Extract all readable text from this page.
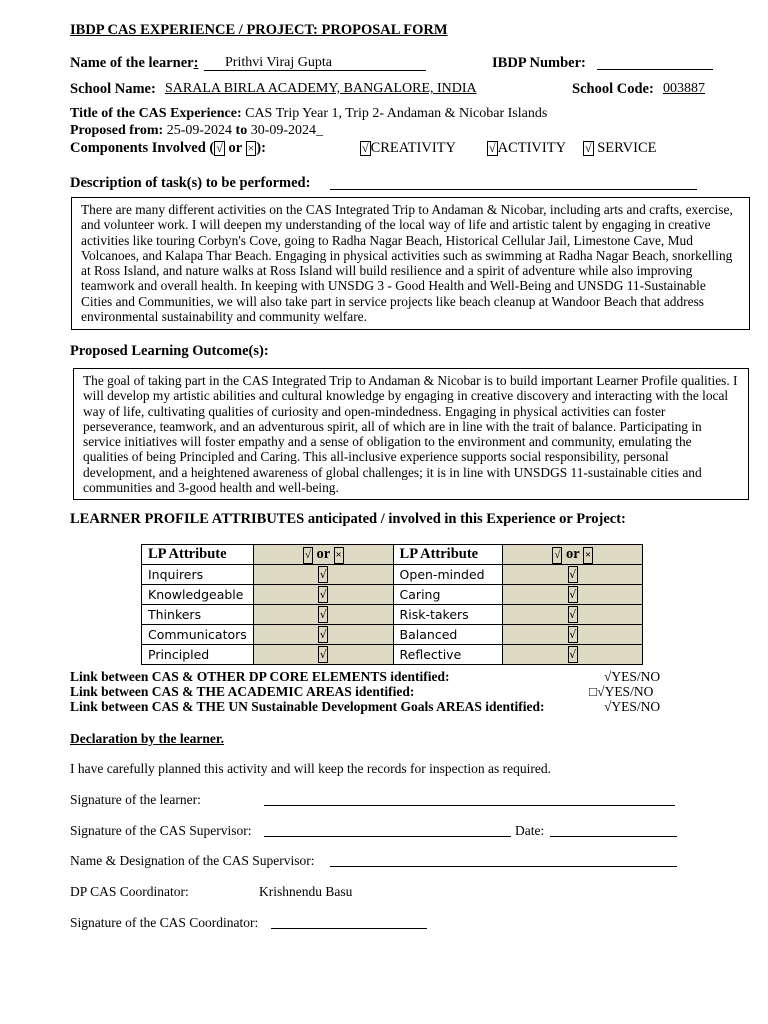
IBDP CAS EXPERIENCE / PROJECT: PROPOSAL FORM
Name of the learner:	Prithvi Viraj Gupta	IBDP Number:
School Name: SARALA BIRLA ACADEMY, BANGALORE, INDIA	School Code: 003887
Title of the CAS Experience: CAS Trip Year 1, Trip 2- Andaman & Nicobar Islands
Proposed from: 25-09-2024 to 30-09-2024_
Components Involved ( √ or × ):	√ CREATIVITY	√ ACTIVITY √ SERVICE
Description of task(s) to be performed:

There are many different activities on the CAS Integrated Trip to Andaman & Nicobar, including arts and crafts, exercise, and volunteer work. I will deepen my understanding of the local way of life and artistic talent by engaging in creative activities like touring Corbyn's Cove, going to Radha Nagar Beach, Historical Cellular Jail, Limestone Cave, Mud Volcanoes, and Kalapa Thar Beach. Engaging in physical activities such as swimming at Radha Nagar Beach, snorkelling at Ross Island, and nature walks at Ross Island will build resilience and a spirit of adventure while also improving teamwork and overall health. In keeping with UNSDG 3 - Good Health and Well-Being and UNSDG 11-Sustainable Cities and Communities, we will also take part in service projects like beach cleanup at Wandoor Beach that address environmental sustainability and community welfare.

Proposed Learning Outcome(s):

The goal of taking part in the CAS Integrated Trip to Andaman & Nicobar is to build important Learner Profile qualities. I will develop my artistic abilities and cultural knowledge by engaging in creative discovery and interacting with the local way of life, cultivating qualities of curiosity and open-mindedness. Engaging in physical activities can foster perseverance, teamwork, and an adventurous spirit, all of which are in line with the trait of balance. Participating in service initiatives will foster empathy and a sense of obligation to the environment and community, emulating the qualities of being Principled and Caring. This all-inclusive experience supports social responsibility, personal development, and a heightened awareness of global challenges; it is in line with UNSDGS 11-sustainable cities and communities and 3-good health and well-being.

LEARNER PROFILE ATTRIBUTES anticipated / involved in this Experience or Project:
LP Attribute	√ or ×	LP Attribute	√ or ×
Inquirers	√	Open-minded	√
Knowledgeable	√	Caring	√
Thinkers	√	Risk-takers	√
Communicators	√	Balanced	√
Principled	√	Reflective	√
Link between CAS & OTHER DP CORE ELEMENTS identified:	√YES/NO
Link between CAS & THE ACADEMIC AREAS identified:	□√YES/NO
Link between CAS & THE UN Sustainable Development Goals AREAS identified:	√YES/NO
Declaration by the learner.
I have carefully planned this activity and will keep the records for inspection as required.
Signature of the learner:
Signature of the CAS Supervisor:	Date:
Name & Designation of the CAS Supervisor:
DP CAS Coordinator:	Krishnendu Basu
Signature of the CAS Coordinator:
